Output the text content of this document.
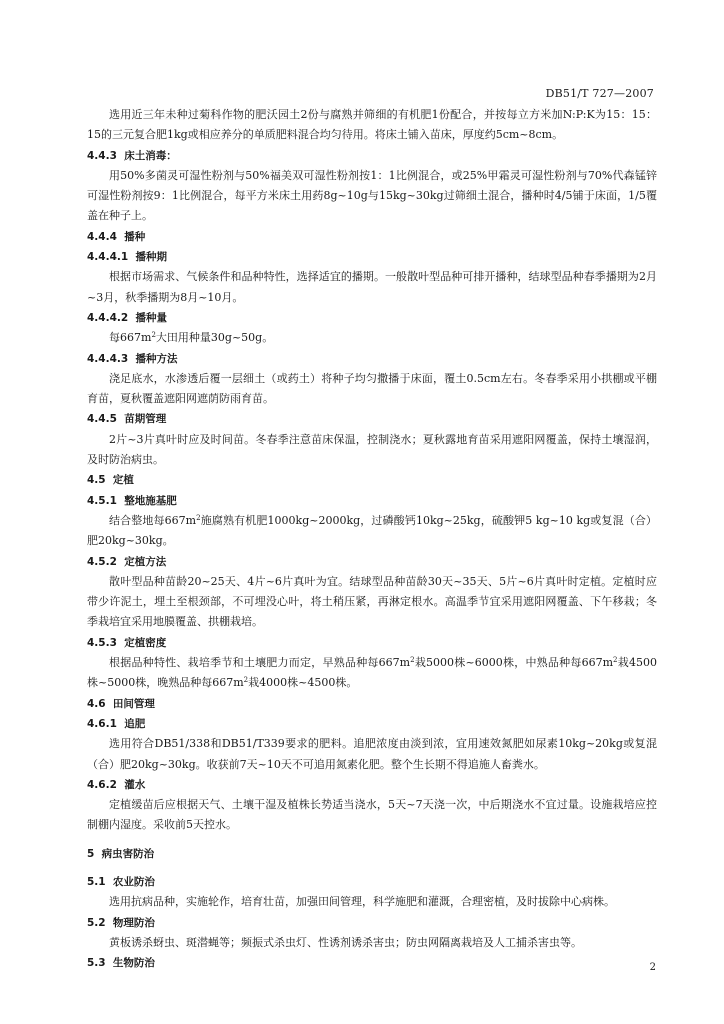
DB51/T 727—2007
选用近三年未种过菊科作物的肥沃园土2份与腐熟并筛细的有机肥1份配合，并按每立方米加N:P:K为15：15：15的三元复合肥1kg或相应养分的单质肥料混合均匀待用。将床土铺入苗床，厚度约5cm~8cm。
4.4.3  床土消毒：
用50%多菌灵可湿性粉剂与50%福美双可湿性粉剂按1：1比例混合，或25%甲霜灵可湿性粉剂与70%代森锰锌可湿性粉剂按9：1比例混合，每平方米床土用药8g~10g与15kg~30kg过筛细土混合，播种时4/5铺于床面，1/5覆盖在种子上。
4.4.4  播种
4.4.4.1  播种期
根据市场需求、气候条件和品种特性，选择适宜的播期。一般散叶型品种可排开播种，结球型品种春季播期为2月~3月，秋季播期为8月~10月。
4.4.4.2  播种量
每$667m^2$大田用种量30g~50g。
4.4.4.3  播种方法
浇足底水，水渗透后覆一层细土（或药土）将种子均匀撒播于床面，覆土0.5cm左右。冬春季采用小拱棚或平棚育苗，夏秋覆盖遮阳网遮荫防雨育苗。
4.4.5  苗期管理
2片~3片真叶时应及时间苗。冬春季注意苗床保温，控制浇水；夏秋露地育苗采用遮阳网覆盖，保持土壤湿润，及时防治病虫。
4.5  定植
4.5.1  整地施基肥
结合整地每$667m^2$施腐熟有机肥1000kg~2000kg，过磷酸钙10kg~25kg，硫酸钾5 kg~10 kg或复混（合）肥20kg~30kg。
4.5.2  定植方法
散叶型品种苗龄20~25天、4片~6片真叶为宜。结球型品种苗龄30天~35天、5片~6片真叶时定植。定植时应带少许泥土，埋土至根颈部，不可埋没心叶，将土稍压紧，再淋定根水。高温季节宜采用遮阳网覆盖、下午移栽；冬季栽培宜采用地膜覆盖、拱棚栽培。
4.5.3  定植密度
根据品种特性、栽培季节和土壤肥力而定，早熟品种每$667m^2$栽5000株~6000株，中熟品种每$667m^2$栽4500株~5000株，晚熟品种每$667m^2$栽4000株~4500株。
4.6  田间管理
4.6.1  追肥
选用符合DB51/338和DB51/T339要求的肥料。追肥浓度由淡到浓，宜用速效氮肥如尿素10kg~20kg或复混（合）肥20kg~30kg。收获前7天~10天不可追用氮素化肥。整个生长期不得追施人畜粪水。
4.6.2  灌水
定植缓苗后应根据天气、土壤干湿及植株长势适当浇水，5天~7天浇一次，中后期浇水不宜过量。设施栽培应控制棚内湿度。采收前5天控水。
5  病虫害防治
5.1  农业防治
选用抗病品种，实施轮作，培育壮苗，加强田间管理，科学施肥和灌溉，合理密植，及时拔除中心病株。
5.2  物理防治
黄板诱杀蚜虫、斑潜蝇等；频振式杀虫灯、性诱剂诱杀害虫；防虫网隔离栽培及人工捕杀害虫等。
5.3  生物防治	2
